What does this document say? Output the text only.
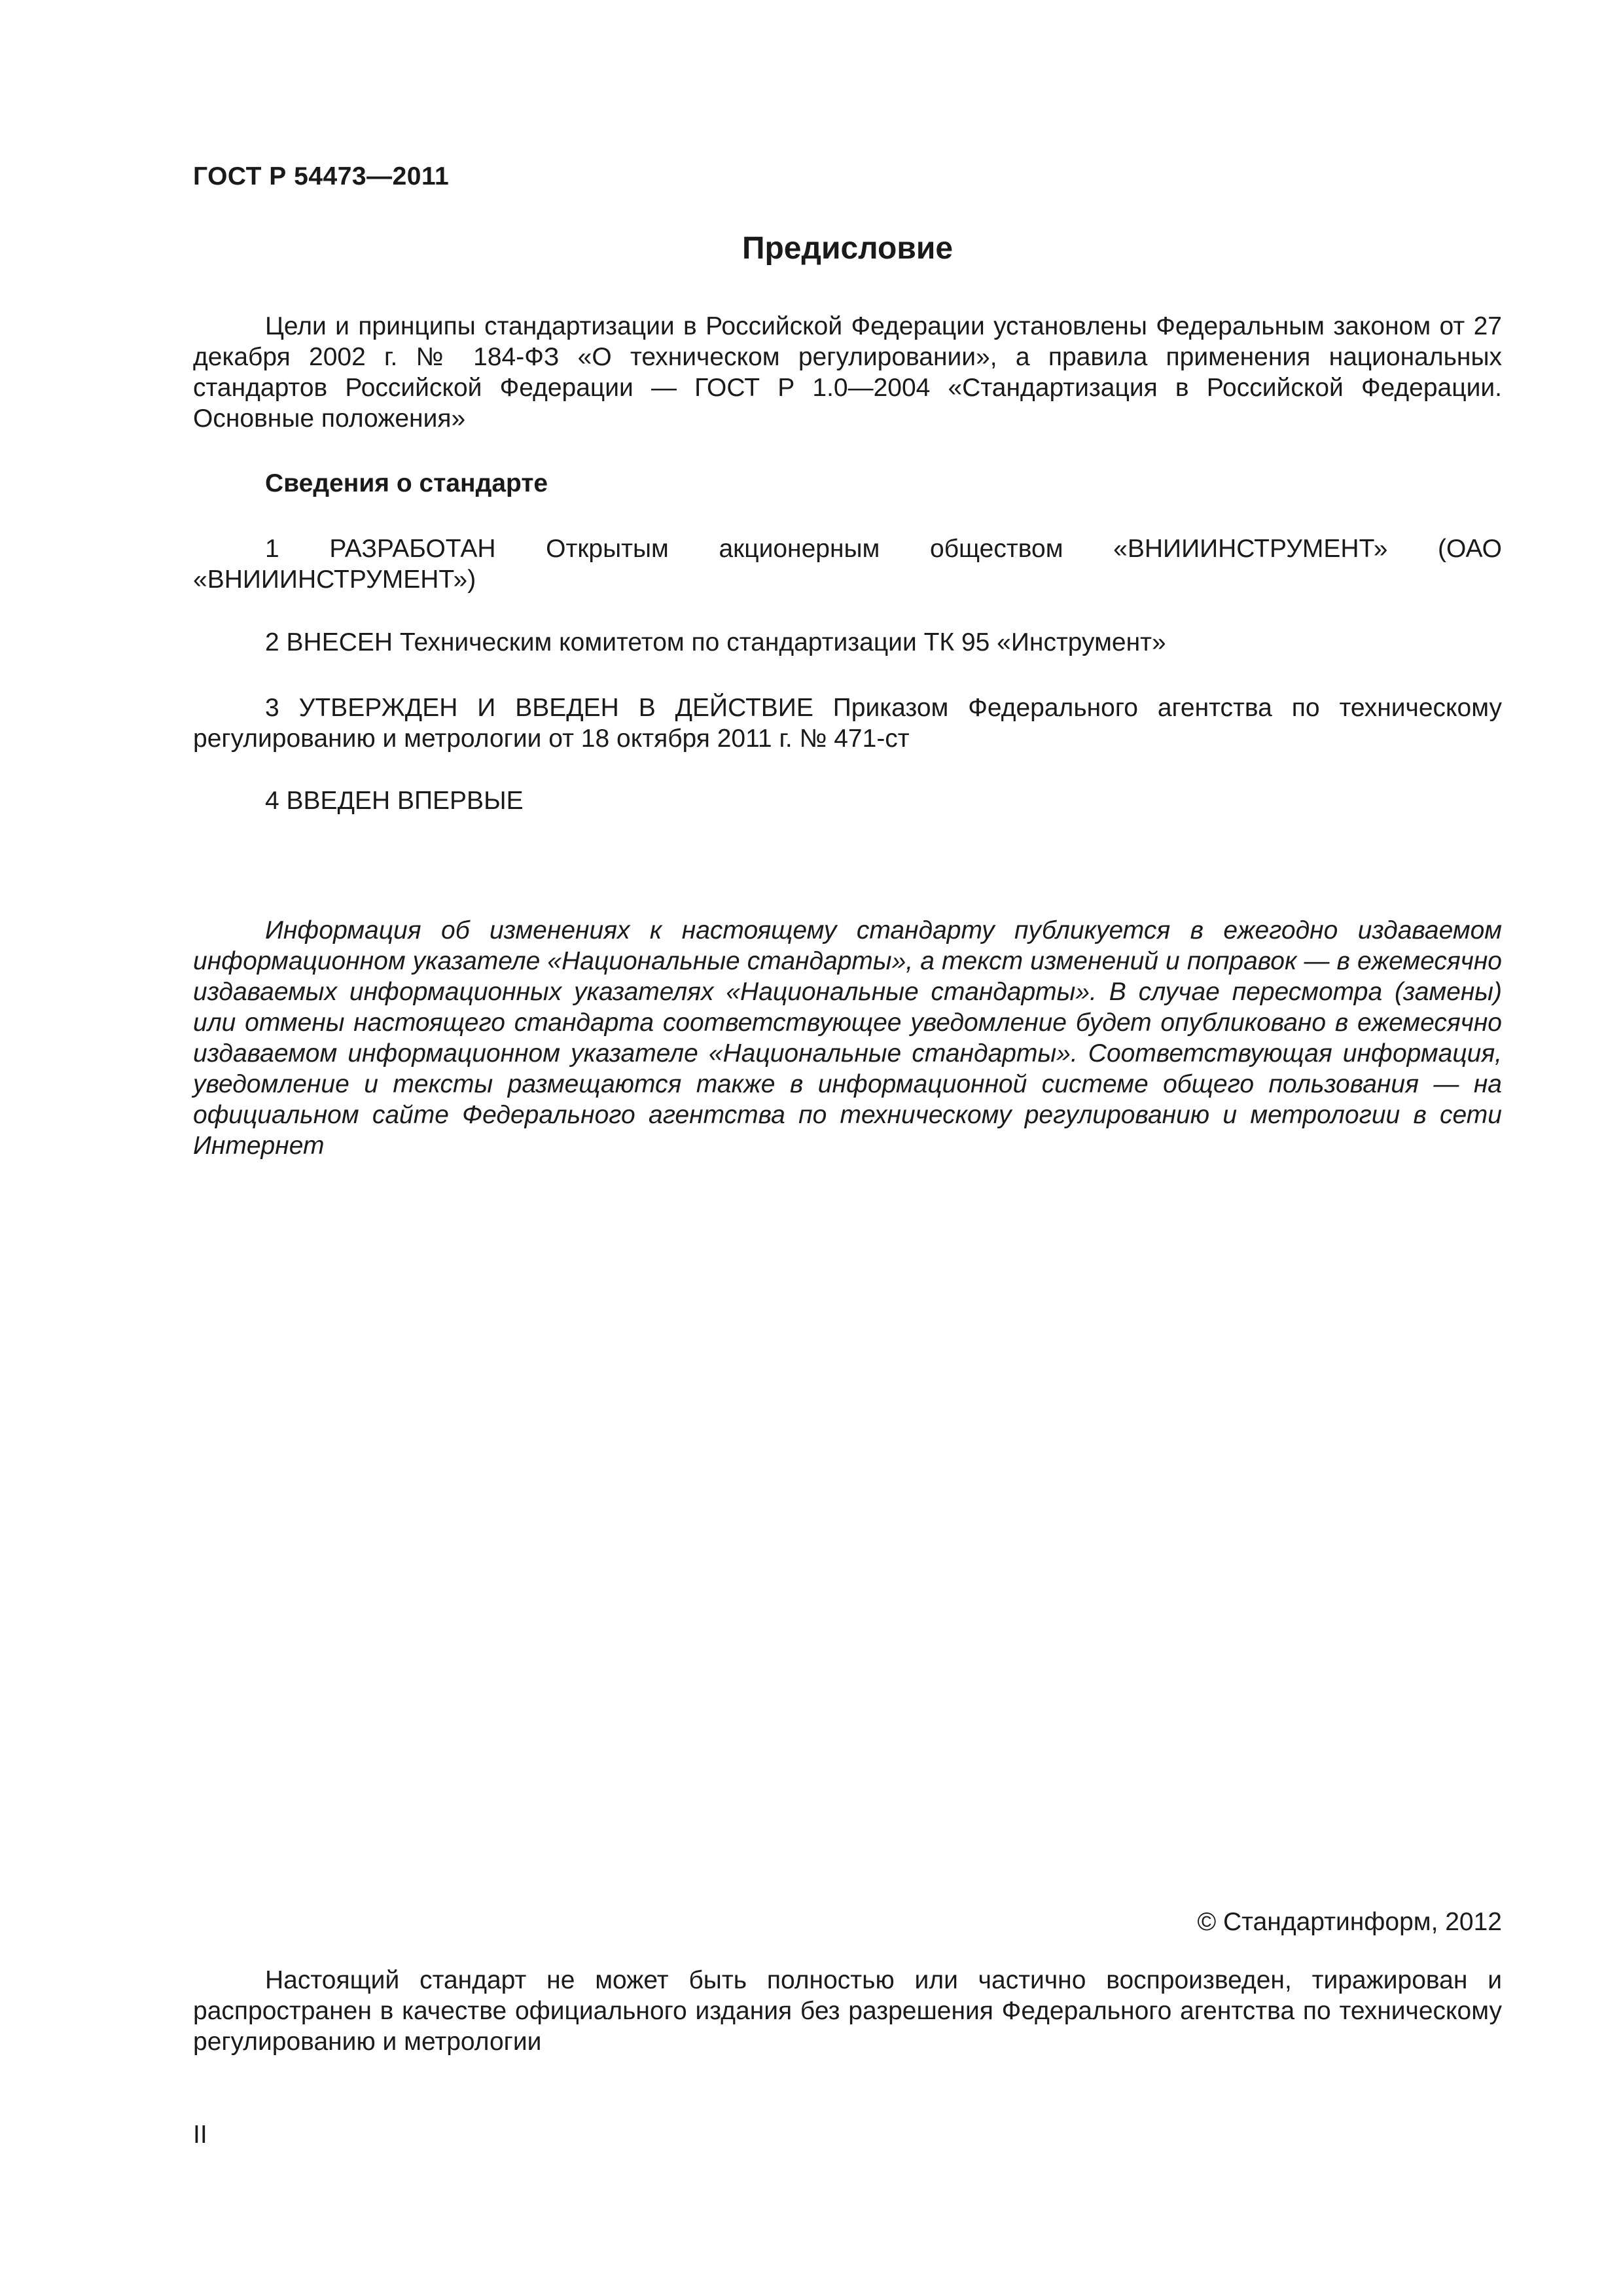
ГОСТ Р 54473—2011
Предисловие

Цели и принципы стандартизации в Российской Федерации установлены Федеральным законом от 27 декабря 2002 г. № 184-ФЗ «О техническом регулировании», а правила применения национальных стандартов Российской Федерации — ГОСТ Р 1.0—2004 «Стандартизация в Российской Федерации. Основные положения»

Сведения о стандарте

1 РАЗРАБОТАН Открытым акционерным обществом «ВНИИИНСТРУМЕНТ» (ОАО «ВНИИИНСТРУМЕНТ»)

2 ВНЕСЕН Техническим комитетом по стандартизации ТК 95 «Инструмент»

3 УТВЕРЖДЕН И ВВЕДЕН В ДЕЙСТВИЕ Приказом Федерального агентства по техническому регулированию и метрологии от 18 октября 2011 г. № 471-ст

4 ВВЕДЕН ВПЕРВЫЕ

Информация об изменениях к настоящему стандарту публикуется в ежегодно издаваемом информационном указателе «Национальные стандарты», а текст изменений и поправок — в ежемесячно издаваемых информационных указателях «Национальные стандарты». В случае пересмотра (замены) или отмены настоящего стандарта соответствующее уведомление будет опубликовано в ежемесячно издаваемом информационном указателе «Национальные стандарты». Соответствующая информация, уведомление и тексты размещаются также в информационной системе общего пользования — на официальном сайте Федерального агентства по техническому регулированию и метрологии в сети Интернет

© Стандартинформ, 2012

Настоящий стандарт не может быть полностью или частично воспроизведен, тиражирован и распространен в качестве официального издания без разрешения Федерального агентства по техническому регулированию и метрологии

II
